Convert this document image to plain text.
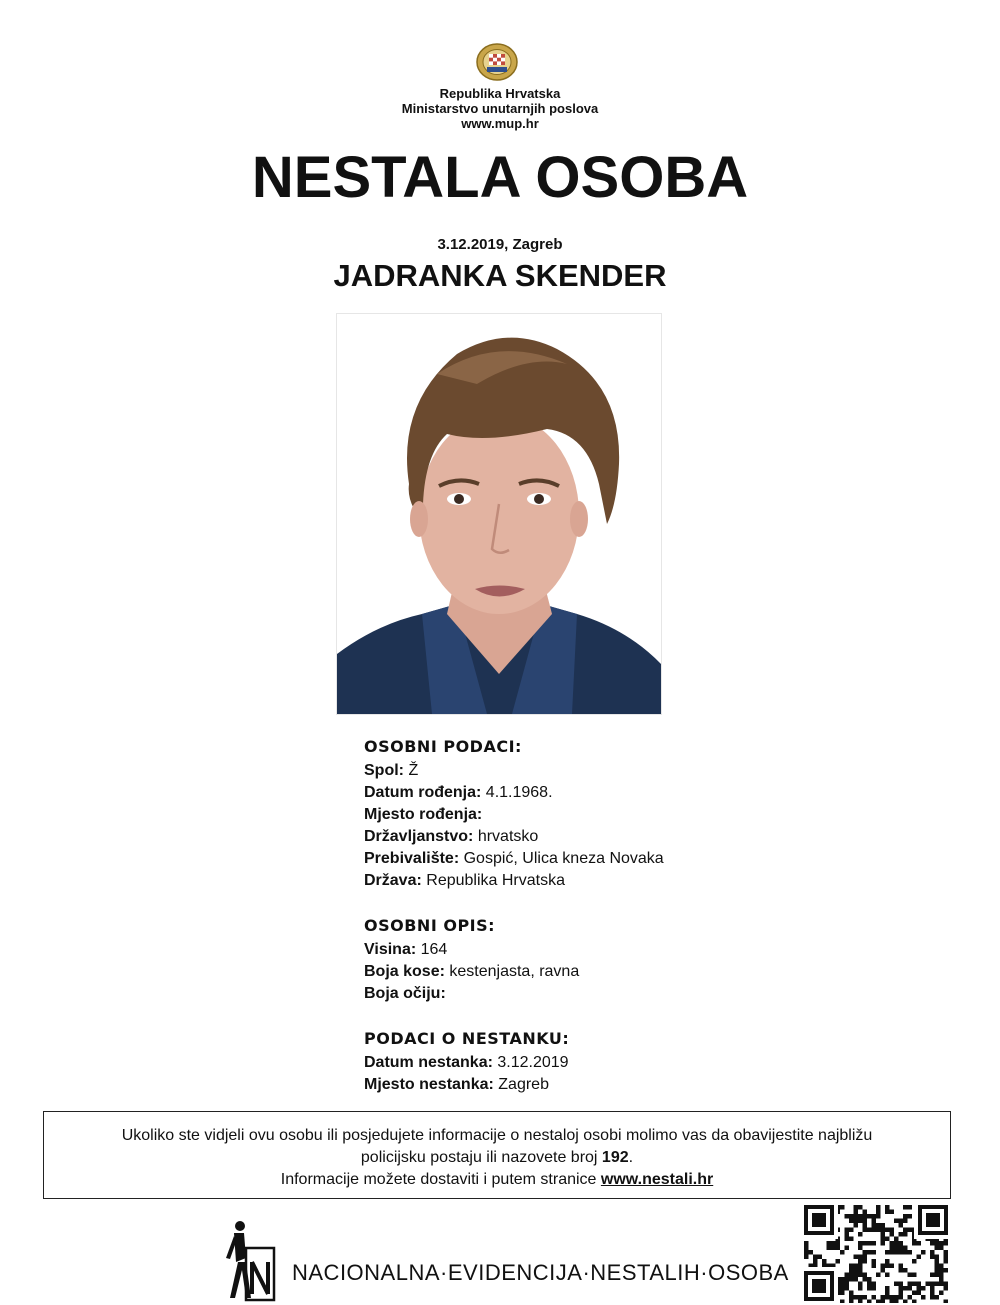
Republika Hrvatska
Ministarstvo unutarnjih poslova
www.mup.hr
NESTALA OSOBA
3.12.2019, Zagreb
JADRANKA SKENDER
OSOBNI PODACI:
Spol: Ž
Datum rođenja: 4.1.1968.
Mjesto rođenja:
Državljanstvo: hrvatsko
Prebivalište: Gospić, Ulica kneza Novaka
Država: Republika Hrvatska
OSOBNI OPIS:
Visina: 164
Boja kose: kestenjasta, ravna
Boja očiju:
PODACI O NESTANKU:
Datum nestanka: 3.12.2019
Mjesto nestanka: Zagreb
Ukoliko ste vidjeli ovu osobu ili posjedujete informacije o nestaloj osobi molimo vas da obavijestite najbližu
policijsku postaju ili nazovete broj 192.
Informacije možete dostaviti i putem stranice www.nestali.hr
NACIONALNA·EVIDENCIJA·NESTALIH·OSOBA
